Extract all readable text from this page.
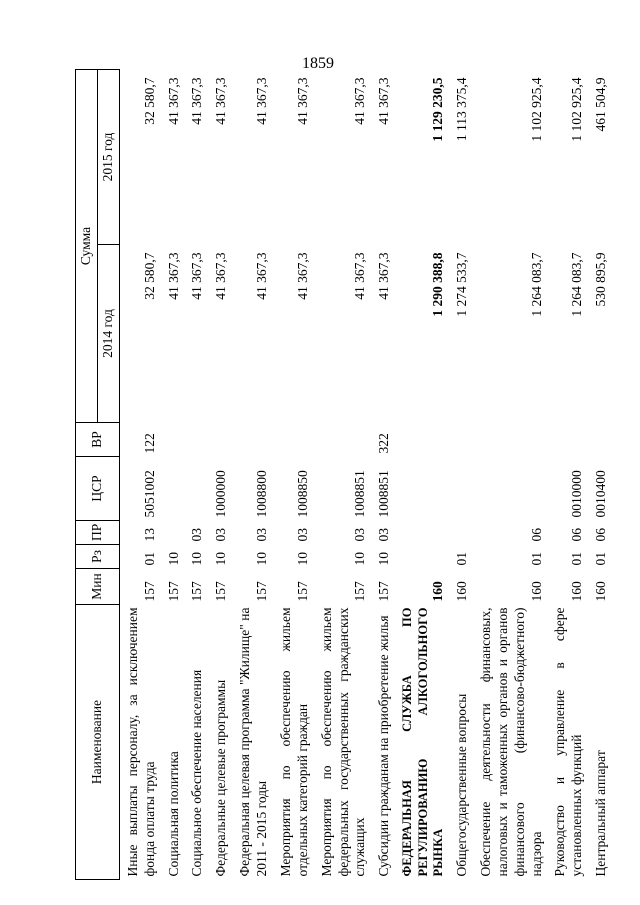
1859
Наименование	Мин	Рз	ПР	ЦСР	ВР	Сумма	
						2014 год	2015 год
Иные выплаты персоналу, за исключением фонда оплаты труда	157	01	13	5051002	122	32 580,7	32 580,7
Социальная политика	157	10				41 367,3	41 367,3
Социальное обеспечение населения	157	10	03			41 367,3	41 367,3
Федеральные целевые программы	157	10	03	1000000		41 367,3	41 367,3
Федеральная целевая программа "Жилище" на 2011 - 2015 годы	157	10	03	1008800		41 367,3	41 367,3
Мероприятия по обеспечению жильем отдельных категорий граждан	157	10	03	1008850		41 367,3	41 367,3
Мероприятия по обеспечению жильем федеральных государственных гражданских служащих	157	10	03	1008851		41 367,3	41 367,3
Субсидии гражданам на приобретение жилья	157	10	03	1008851	322	41 367,3	41 367,3
ФЕДЕРАЛЬНАЯ СЛУЖБА ПО РЕГУЛИРОВАНИЮ АЛКОГОЛЬНОГО РЫНКА	160					1 290 388,8	1 129 230,5
Общегосударственные вопросы	160	01				1 274 533,7	1 113 375,4
Обеспечение деятельности финансовых, налоговых и таможенных органов и органов финансового (финансово-бюджетного) надзора	160	01	06			1 264 083,7	1 102 925,4
Руководство и управление в сфере установленных функций	160	01	06	0010000		1 264 083,7	1 102 925,4
Центральный аппарат	160	01	06	0010400		530 895,9	461 504,9
